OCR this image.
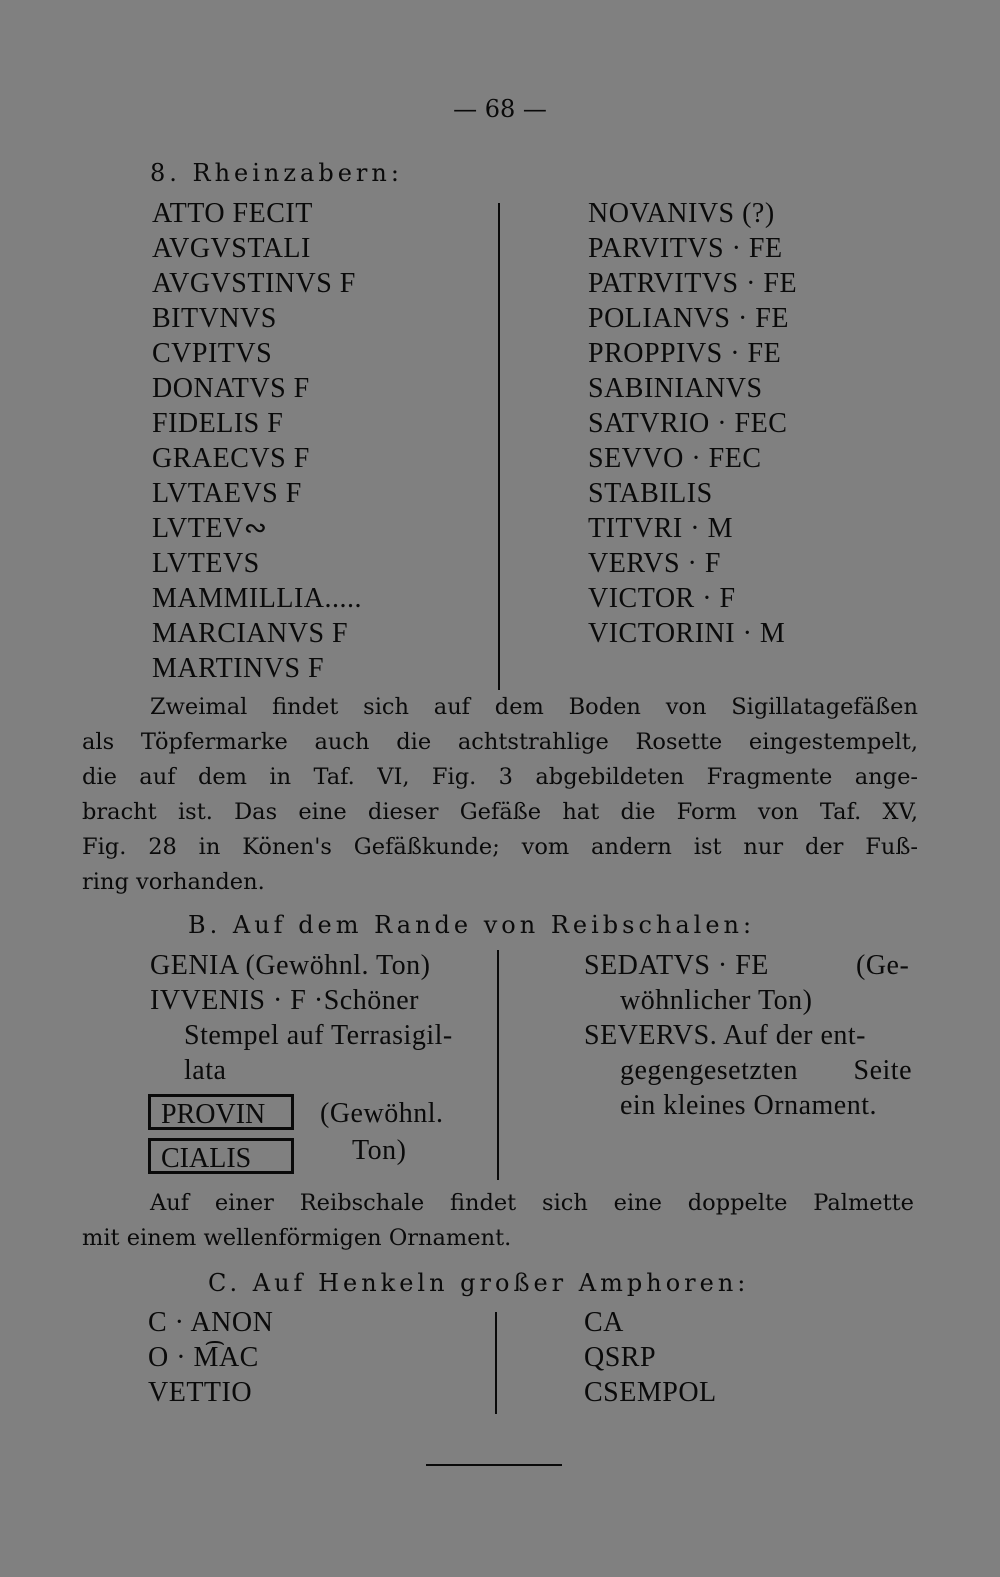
— 68 —
8. Rheinzabern:
ATTO FECIT
AVGVSTALI
AVGVSTINVS F
BITVNVS
CVPITVS
DONATVS F
FIDELIS F
GRAECVS F
LVTAEVS F
LVTEV∾
LVTEVS
MAMMILLIA.....
MARCIANVS F
MARTINVS F
NOVANIVS (?)
PARVITVS · FE
PATRVITVS · FE
POLIANVS · FE
PROPPIVS · FE
SABINIANVS
SATVRIO · FEC
SEVVO · FEC
STABILIS
TITVRI · M
VERVS · F
VICTOR · F
VICTORINI · M
Zweimal findet sich auf dem Boden von Sigillatagefäßen
als Töpfermarke auch die achtstrahlige Rosette eingestempelt,
die auf dem in Taf. VI, Fig. 3 abgebildeten Fragmente ange-
bracht ist. Das eine dieser Gefäße hat die Form von Taf. XV,
Fig. 28 in Könen's Gefäßkunde; vom andern ist nur der Fuß-
ring vorhanden.
B. Auf dem Rande von Reibschalen:
GENIA (Gewöhnl. Ton)
IVVENIS · F ·Schöner
Stempel auf Terrasigil-
lata
PROVIN
CIALIS
(Gewöhnl.
Ton)
SEDATVS · FE	(Ge-
wöhnlicher Ton)
SEVERVS. Auf der ent-
gegengesetzten Seite
ein kleines Ornament.
Auf einer Reibschale findet sich eine doppelte Palmette
mit einem wellenförmigen Ornament.
C. Auf Henkeln großer Amphoren:
C · ANON
O · M͡AC
VETTIO
CA
QSRP
CSEMPOL
